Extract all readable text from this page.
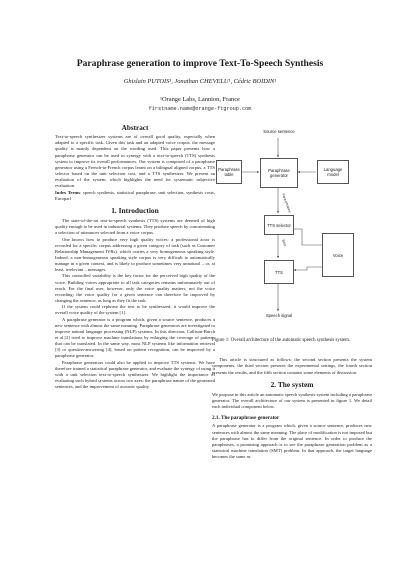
Paraphrase generation to improve Text-To-Speech Synthesis
Ghislain PUTOIS¹, Jonathan CHEVELU¹, Cédric BOIDIN¹
¹Orange Labs, Lannion, France
firstname.name@orange-ftgroup.com
Abstract

Text-to-speech synthesizer systems are of overall good quality, especially when adapted to a specific task. Given this task and an adapted voice corpus, the message quality is mainly dependent on the wording used. This paper presents how a paraphrase generator can be used in synergy with a text-to-speech (TTS) synthesis system to improve its overall performances. Our system is composed of a paraphrase generator using a French-to-French corpus learnt on a bilingual aligned corpus, a TTS selector based on the unit selection cost, and a TTS synthesizer. We present an evaluation of the system, which highlights the need for systematic subjective evaluation.

Index Terms: speech synthesis, statistical paraphrase, unit selection, synthesis costs, Europarl

1. Introduction

The state-of-the-art text-to-speech synthesis (TTS) systems are deemed of high quality enough to be used in industrial systems. They produce speech by concatenating a selection of utterances selected from a voice corpus.

One knows how to produce very high quality voices: a professional actor is recorded for a specific corpus addressing a given category of task (such as Customer Relationship Management IVRs), which carries a very homogeneous speaking style. Indeed, a non-homogeneous speaking style corpus is very difficult to automatically manage in a given context, and is likely to produce sometimes very unnatural – or, at least, irrelevant – messages.

This controlled variability is the key factor for the perceived high quality of the voice. Building voices appropriate to all task categories remains unfortunately out of reach. For the final user, however, only the voice quality matters, not the voice recording; the voice quality for a given sentence can therefore be improved by changing the sentence, as long as they fit the task.

If the system could rephrase the text to be synthesized, it would improve the overall voice quality of the system [1].

A paraphrase generator is a program which, given a source sentence, produces a new sentence with almost the same meaning. Paraphrase generators are investigated to improve natural language processing (NLP) systems. In this direction, Callison-Burch et al.[2] tried to improve machine translations by enlarging the coverage of patterns that can be translated. In the same way, most NLP systems like information retrieval [3] or question-answering [4], based on pattern recognition, can be improved by a paraphrase generator.

Paraphrase generators could also be applied to improve TTS systems. We have therefore trained a statistical paraphrase generator, and evaluate the synergy of using it with a unit selection text-to-speech synthesizer. We highlight the importance of evaluating such hybrid systems across two axes: the paraphrase nature of the generated sentences, and the improvement of acoustic quality.

Source sentence
Paraphrase table
Paraphrase generator
Language model
TTS selector
Voice
TTS
Speech signal
Para-phrases
Best
Figure 1: Overall architecture of the automatic speech synthesis system.

This article is structured as follows: the second section presents the system components, the third section presents the experimental settings, the fourth section presents the results, and the fifth section contains some elements of discussion.

2. The system

We propose in this article an automatic speech synthesis system including a paraphrase generator. The overall architecture of our system is presented in figure 1. We detail each individual component below.

2.1. The paraphrase generator

A paraphrase generator is a program which, given a source sentence, produces new sentences with almost the same meaning. The place of modification is not imposed but the paraphrase has to differ from the original sentence. In order to produce the paraphrases, a promising approach is to see the paraphrase generation problem as a statistical machine translation (SMT) problem. In that approach, the target language becomes the same as
